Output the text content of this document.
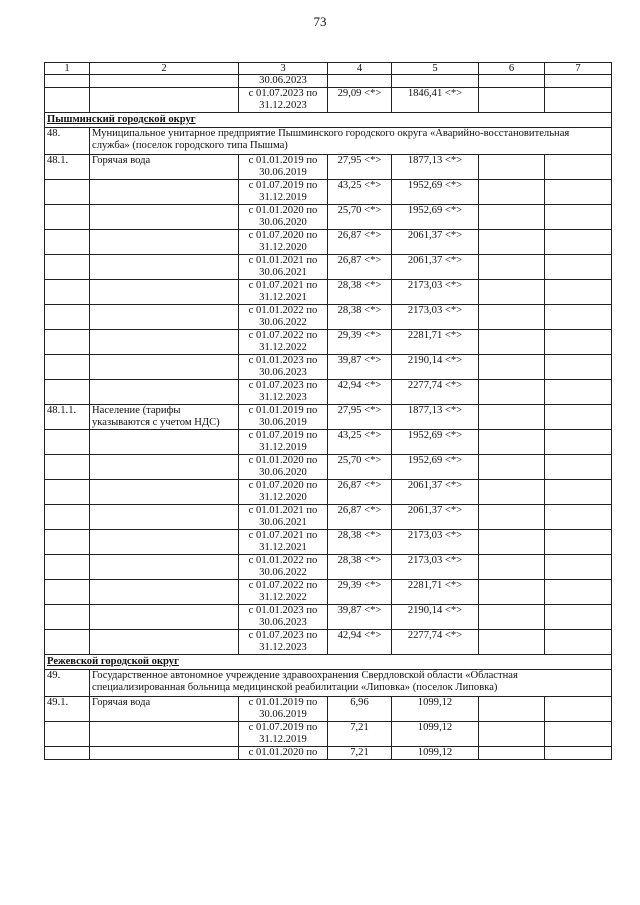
73
1	2	3	4	5	6	7
		30.06.2023				
		с 01.07.2023 по 31.12.2023	29,09 <*>	1846,41 <*>		
Пышминский городской округ						
48.	Муниципальное унитарное предприятие Пышминского городского округа «Аварийно-восстановительная служба» (поселок городского типа Пышма)					
48.1.	Горячая вода	с 01.01.2019 по 30.06.2019	27,95 <*>	1877,13 <*>		
		с 01.07.2019 по 31.12.2019	43,25 <*>	1952,69 <*>		
		с 01.01.2020 по 30.06.2020	25,70 <*>	1952,69 <*>		
		с 01.07.2020 по 31.12.2020	26,87 <*>	2061,37 <*>		
		с 01.01.2021 по 30.06.2021	26,87 <*>	2061,37 <*>		
		с 01.07.2021 по 31.12.2021	28,38 <*>	2173,03 <*>		
		с 01.01.2022 по 30.06.2022	28,38 <*>	2173,03 <*>		
		с 01.07.2022 по 31.12.2022	29,39 <*>	2281,71 <*>		
		с 01.01.2023 по 30.06.2023	39,87 <*>	2190,14 <*>		
		с 01.07.2023 по 31.12.2023	42,94 <*>	2277,74 <*>		
48.1.1.	Население (тарифы указываются с учетом НДС)	с 01.01.2019 по 30.06.2019	27,95 <*>	1877,13 <*>		
		с 01.07.2019 по 31.12.2019	43,25 <*>	1952,69 <*>		
		с 01.01.2020 по 30.06.2020	25,70 <*>	1952,69 <*>		
		с 01.07.2020 по 31.12.2020	26,87 <*>	2061,37 <*>		
		с 01.01.2021 по 30.06.2021	26,87 <*>	2061,37 <*>		
		с 01.07.2021 по 31.12.2021	28,38 <*>	2173,03 <*>		
		с 01.01.2022 по 30.06.2022	28,38 <*>	2173,03 <*>		
		с 01.07.2022 по 31.12.2022	29,39 <*>	2281,71 <*>		
		с 01.01.2023 по 30.06.2023	39,87 <*>	2190,14 <*>		
		с 01.07.2023 по 31.12.2023	42,94 <*>	2277,74 <*>		
Режевской городской округ						
49.	Государственное автономное учреждение здравоохранения Свердловской области «Областная специализированная больница медицинской реабилитации «Липовка» (поселок Липовка)					
49.1.	Горячая вода	с 01.01.2019 по 30.06.2019	6,96	1099,12		
		с 01.07.2019 по 31.12.2019	7,21	1099,12		
		с 01.01.2020 по	7,21	1099,12		
